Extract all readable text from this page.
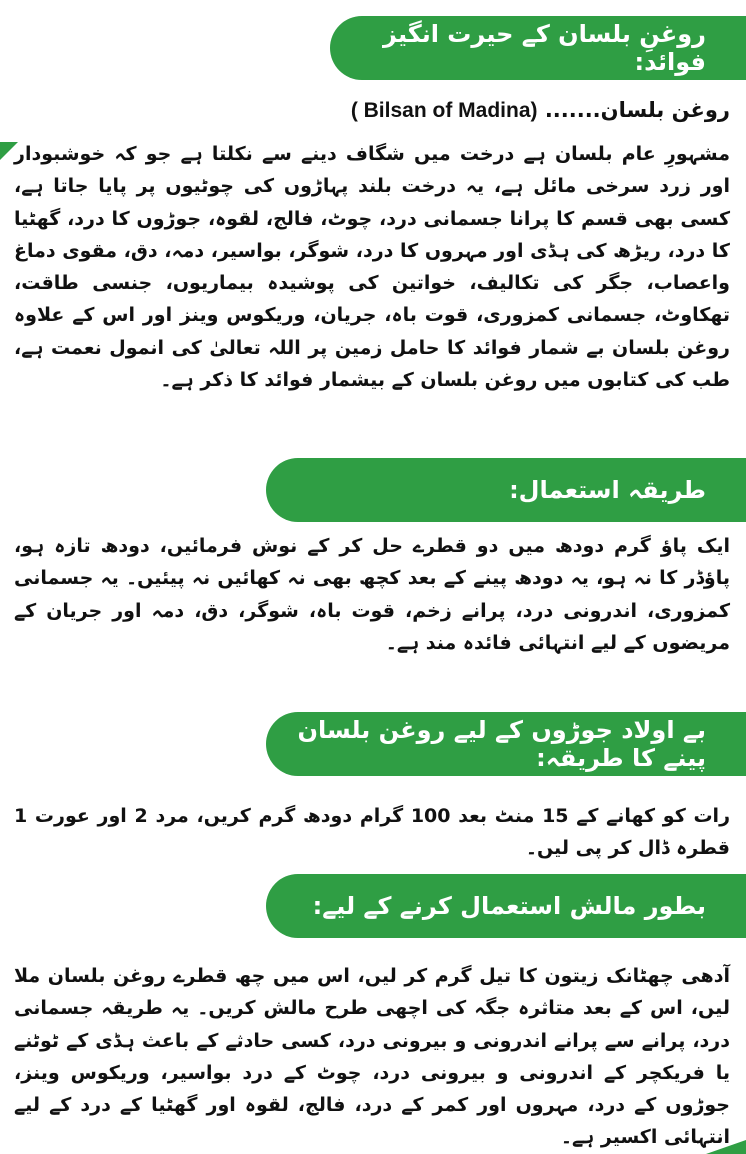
روغنِ بلسان کے حیرت انگیز فوائد:
روغن بلسان....... (Bilsan of Madina )
مشہورِ عام بلسان ہے درخت میں شگاف دینے سے نکلتا ہے جو کہ خوشبودار اور زرد سرخی مائل ہے، یہ درخت بلند پہاڑوں کی چوٹیوں پر پایا جاتا ہے، کسی بھی قسم کا پرانا جسمانی درد، چوٹ، فالج، لقوہ، جوڑوں کا درد، گھٹیا کا درد، ریڑھ کی ہڈی اور مہروں کا درد، شوگر، بواسیر، دمہ، دق، مقوی دماغ واعصاب، جگر کی تکالیف، خواتین کی پوشیدہ بیماریوں، جنسی طاقت، تھکاوٹ، جسمانی کمزوری، قوت باہ، جریان، وریکوس وینز اور اس کے علاوہ روغن بلسان بے شمار فوائد کا حامل زمین پر اللہ تعالیٰ کی انمول نعمت ہے، طب کی کتابوں میں روغن بلسان کے بیشمار فوائد کا ذکر ہے۔
طریقہ استعمال:
ایک پاؤ گرم دودھ میں دو قطرے حل کر کے نوش فرمائیں، دودھ تازہ ہو، پاؤڈر کا نہ ہو، یہ دودھ پینے کے بعد کچھ بھی نہ کھائیں نہ پیئیں۔ یہ جسمانی کمزوری، اندرونی درد، پرانے زخم، قوت باہ، شوگر، دق، دمہ اور جریان کے مریضوں کے لیے انتہائی فائدہ مند ہے۔
بے اولاد جوڑوں کے لیے روغن بلسان پینے کا طریقہ:
رات کو کھانے کے 15 منٹ بعد 100 گرام دودھ گرم کریں، مرد 2 اور عورت 1 قطرہ ڈال کر پی لیں۔
بطور مالش استعمال کرنے کے لیے:
آدھی چھٹانک زیتون کا تیل گرم کر لیں، اس میں چھ قطرے روغن بلسان ملا لیں، اس کے بعد متاثرہ جگہ کی اچھی طرح مالش کریں۔ یہ طریقہ جسمانی درد، پرانے سے پرانے اندرونی و بیرونی درد، کسی حادثے کے باعث ہڈی کے ٹوٹنے یا فریکچر کے اندرونی و بیرونی درد، چوٹ کے درد بواسیر، وریکوس وینز، جوڑوں کے درد، مہروں اور کمر کے درد، فالج، لقوہ اور گھٹیا کے درد کے لیے انتہائی اکسیر ہے۔
